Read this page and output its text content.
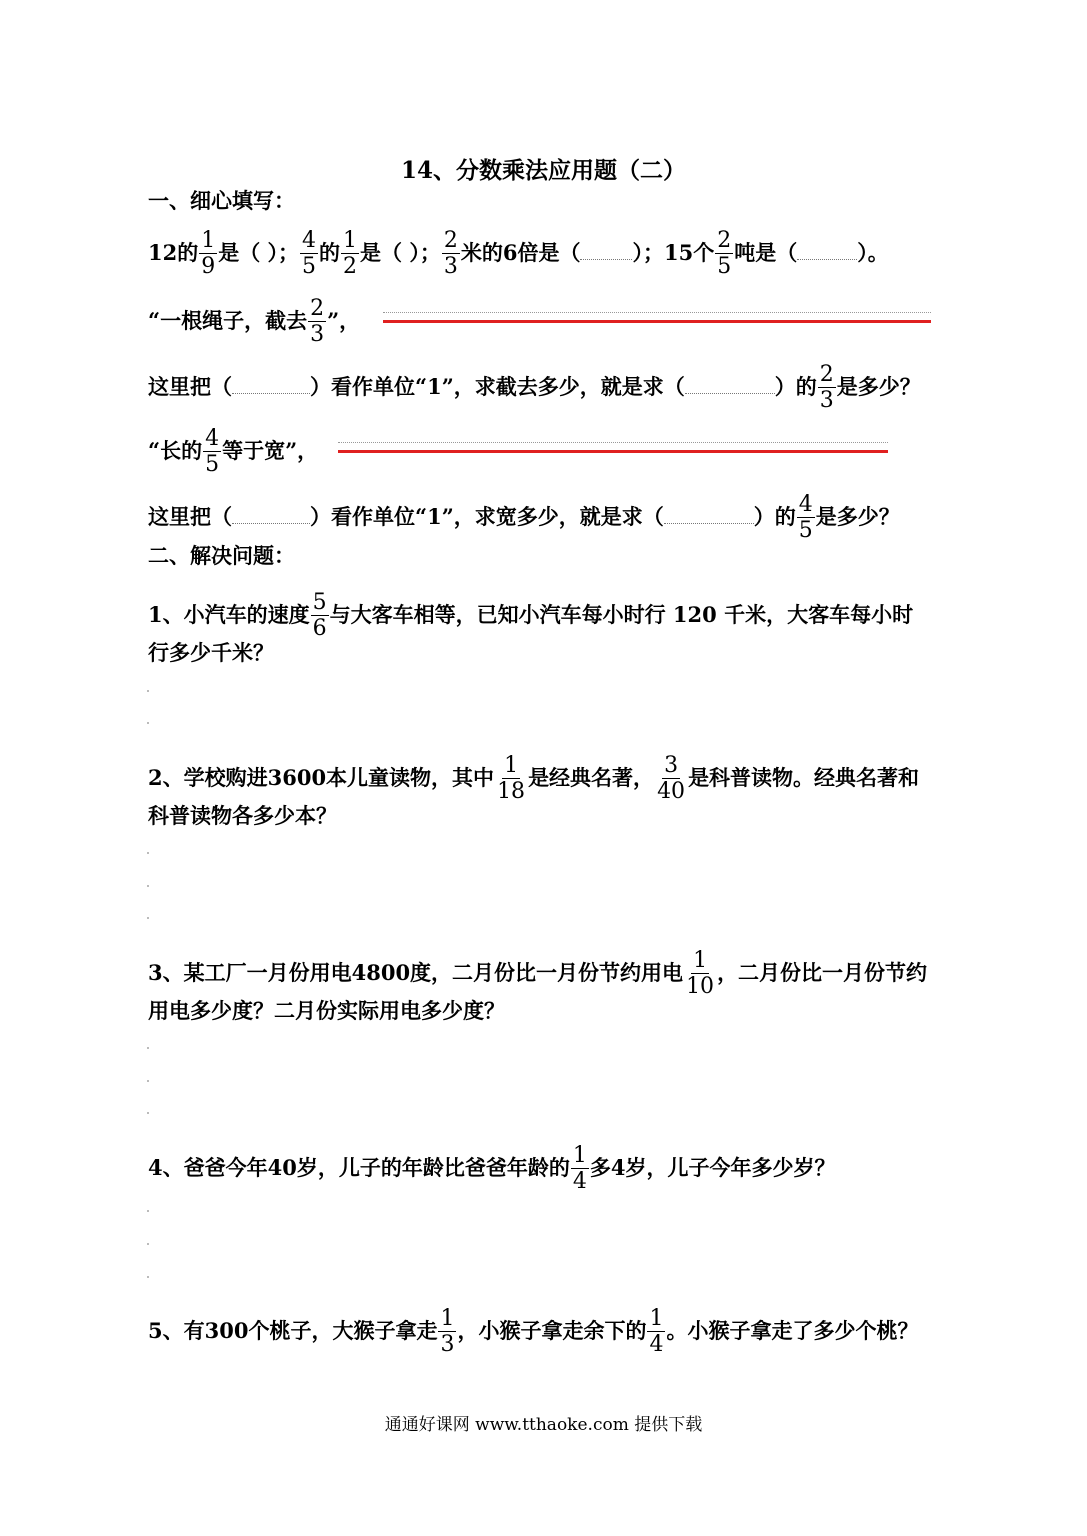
14、分数乘法应用题（二）
一、细心填写：
12的 $\frac{1}{9}$ 是（ ）； $\frac{4}{5}$ 的 $\frac{1}{2}$ 是（ ）； $\frac{2}{3}$ 米的6倍是（ ）；15个 $\frac{2}{5}$ 吨是（	）。
“一根绳子，截去 $\frac{2}{3}$ ”，
这里把（	）看作单位“1”，求截去多少，就是求（	）的 $\frac{2}{3}$ 是多少？
“长的 $\frac{4}{5}$ 等于宽”，
这里把（	）看作单位“1”，求宽多少，就是求（	）的 $\frac{4}{5}$ 是多少？
二、解决问题：
1、小汽车的速度 $\frac{5}{6}$ 与大客车相等，已知小汽车每小时行 120 千米，大客车每小时
行多少千米？
2、学校购进3600本儿童读物，其中 $\frac{1}{18}$ 是经典名著， $\frac{3}{40}$ 是科普读物。经典名著和
科普读物各多少本？
3、某工厂一月份用电4800度，二月份比一月份节约用电 $\frac{1}{10}$ ，二月份比一月份节约
用电多少度？二月份实际用电多少度？
4、爸爸今年40岁，儿子的年龄比爸爸年龄的 $\frac{1}{4}$ 多4岁，儿子今年多少岁？
5、有300个桃子，大猴子拿走 $\frac{1}{3}$ ，小猴子拿走余下的 $\frac{1}{4}$ 。小猴子拿走了多少个桃？
通通好课网 www.tthaoke.com 提供下载
